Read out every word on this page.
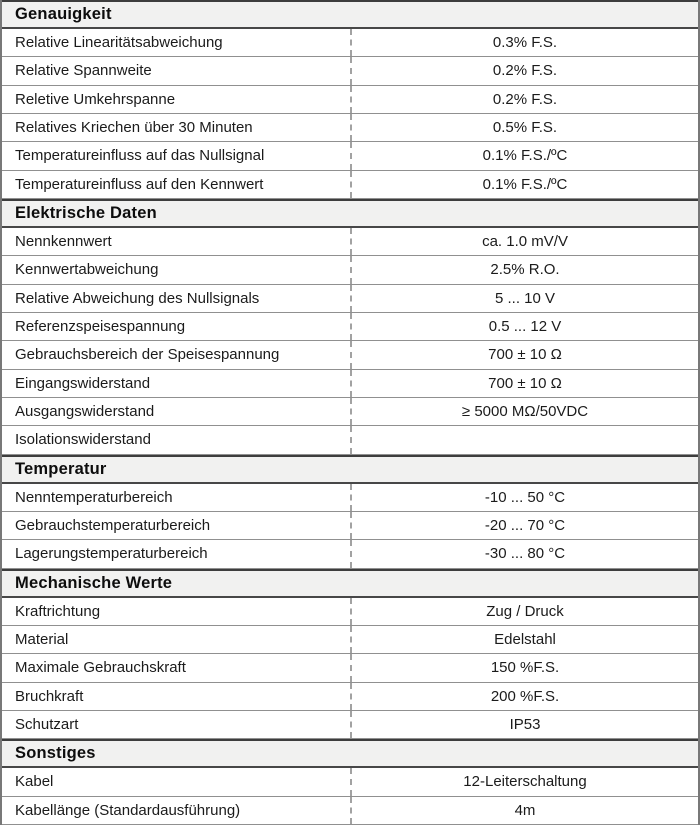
Genauigkeit
Relative Linearitätsabweichung	0.3% F.S.
Relative Spannweite	0.2% F.S.
Reletive Umkehrspanne	0.2% F.S.
Relatives Kriechen über 30 Minuten	0.5% F.S.
Temperatureinfluss auf das Nullsignal	0.1% F.S./ºC
Temperatureinfluss auf den Kennwert	0.1% F.S./ºC
Elektrische Daten
Nennkennwert	ca. 1.0 mV/V
Kennwertabweichung	2.5% R.O.
Relative Abweichung des Nullsignals	5 ... 10 V
Referenzspeisespannung	0.5 ... 12 V
Gebrauchsbereich der Speisespannung	700 ± 10 Ω
Eingangswiderstand	700 ± 10 Ω
Ausgangswiderstand	≥ 5000 MΩ/50VDC
Isolationswiderstand
Temperatur
Nenntemperaturbereich	-10 ... 50 °C
Gebrauchstemperaturbereich	-20 ... 70 °C
Lagerungstemperaturbereich	-30 ... 80 °C
Mechanische Werte
Kraftrichtung	Zug / Druck
Material	Edelstahl
Maximale Gebrauchskraft	150 %F.S.
Bruchkraft	200 %F.S.
Schutzart	IP53
Sonstiges
Kabel	12-Leiterschaltung
Kabellänge (Standardausführung)	4m
